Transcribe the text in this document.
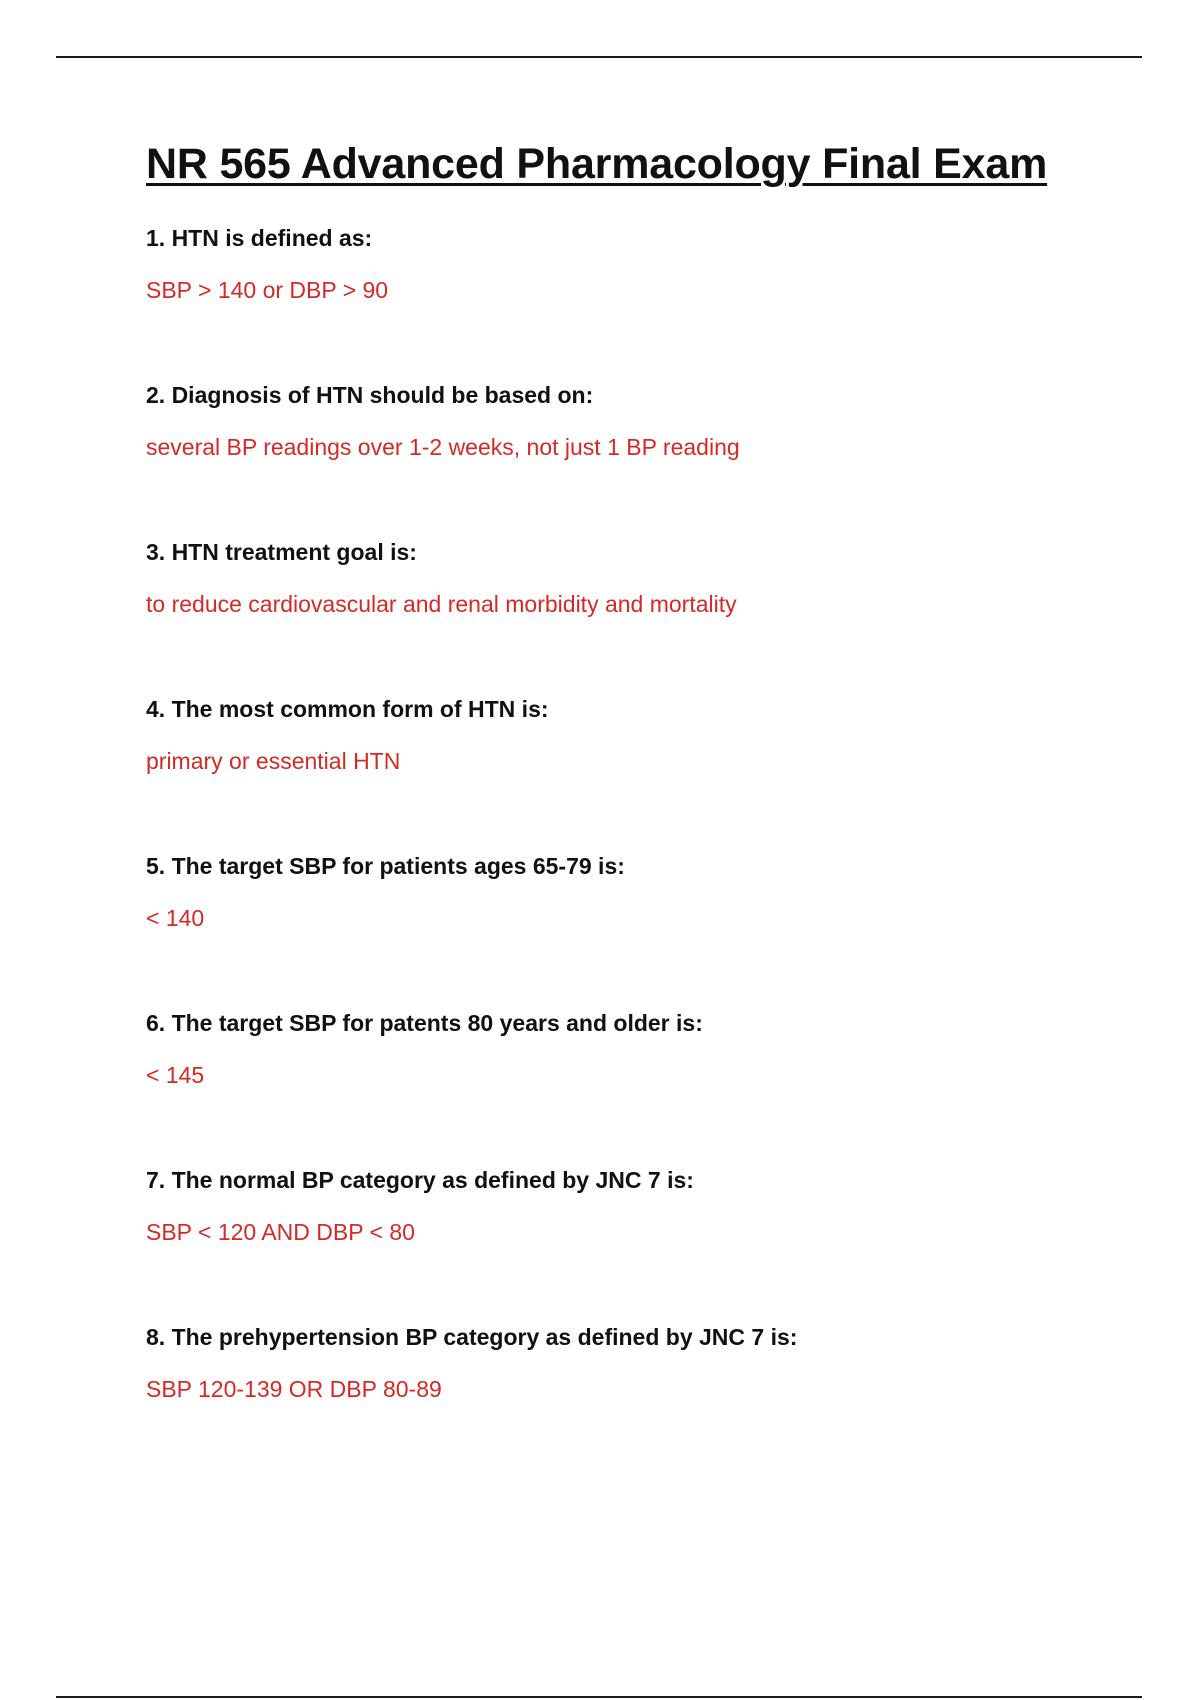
NR 565 Advanced Pharmacology Final Exam
1. HTN is defined as:
SBP > 140 or DBP > 90
2. Diagnosis of HTN should be based on:
several BP readings over 1-2 weeks, not just 1 BP reading
3. HTN treatment goal is:
to reduce cardiovascular and renal morbidity and mortality
4. The most common form of HTN is:
primary or essential HTN
5. The target SBP for patients ages 65-79 is:
< 140
6. The target SBP for patents 80 years and older is:
< 145
7. The normal BP category as defined by JNC 7 is:
SBP < 120 AND DBP < 80
8. The prehypertension BP category as defined by JNC 7 is:
SBP 120-139 OR DBP 80-89
